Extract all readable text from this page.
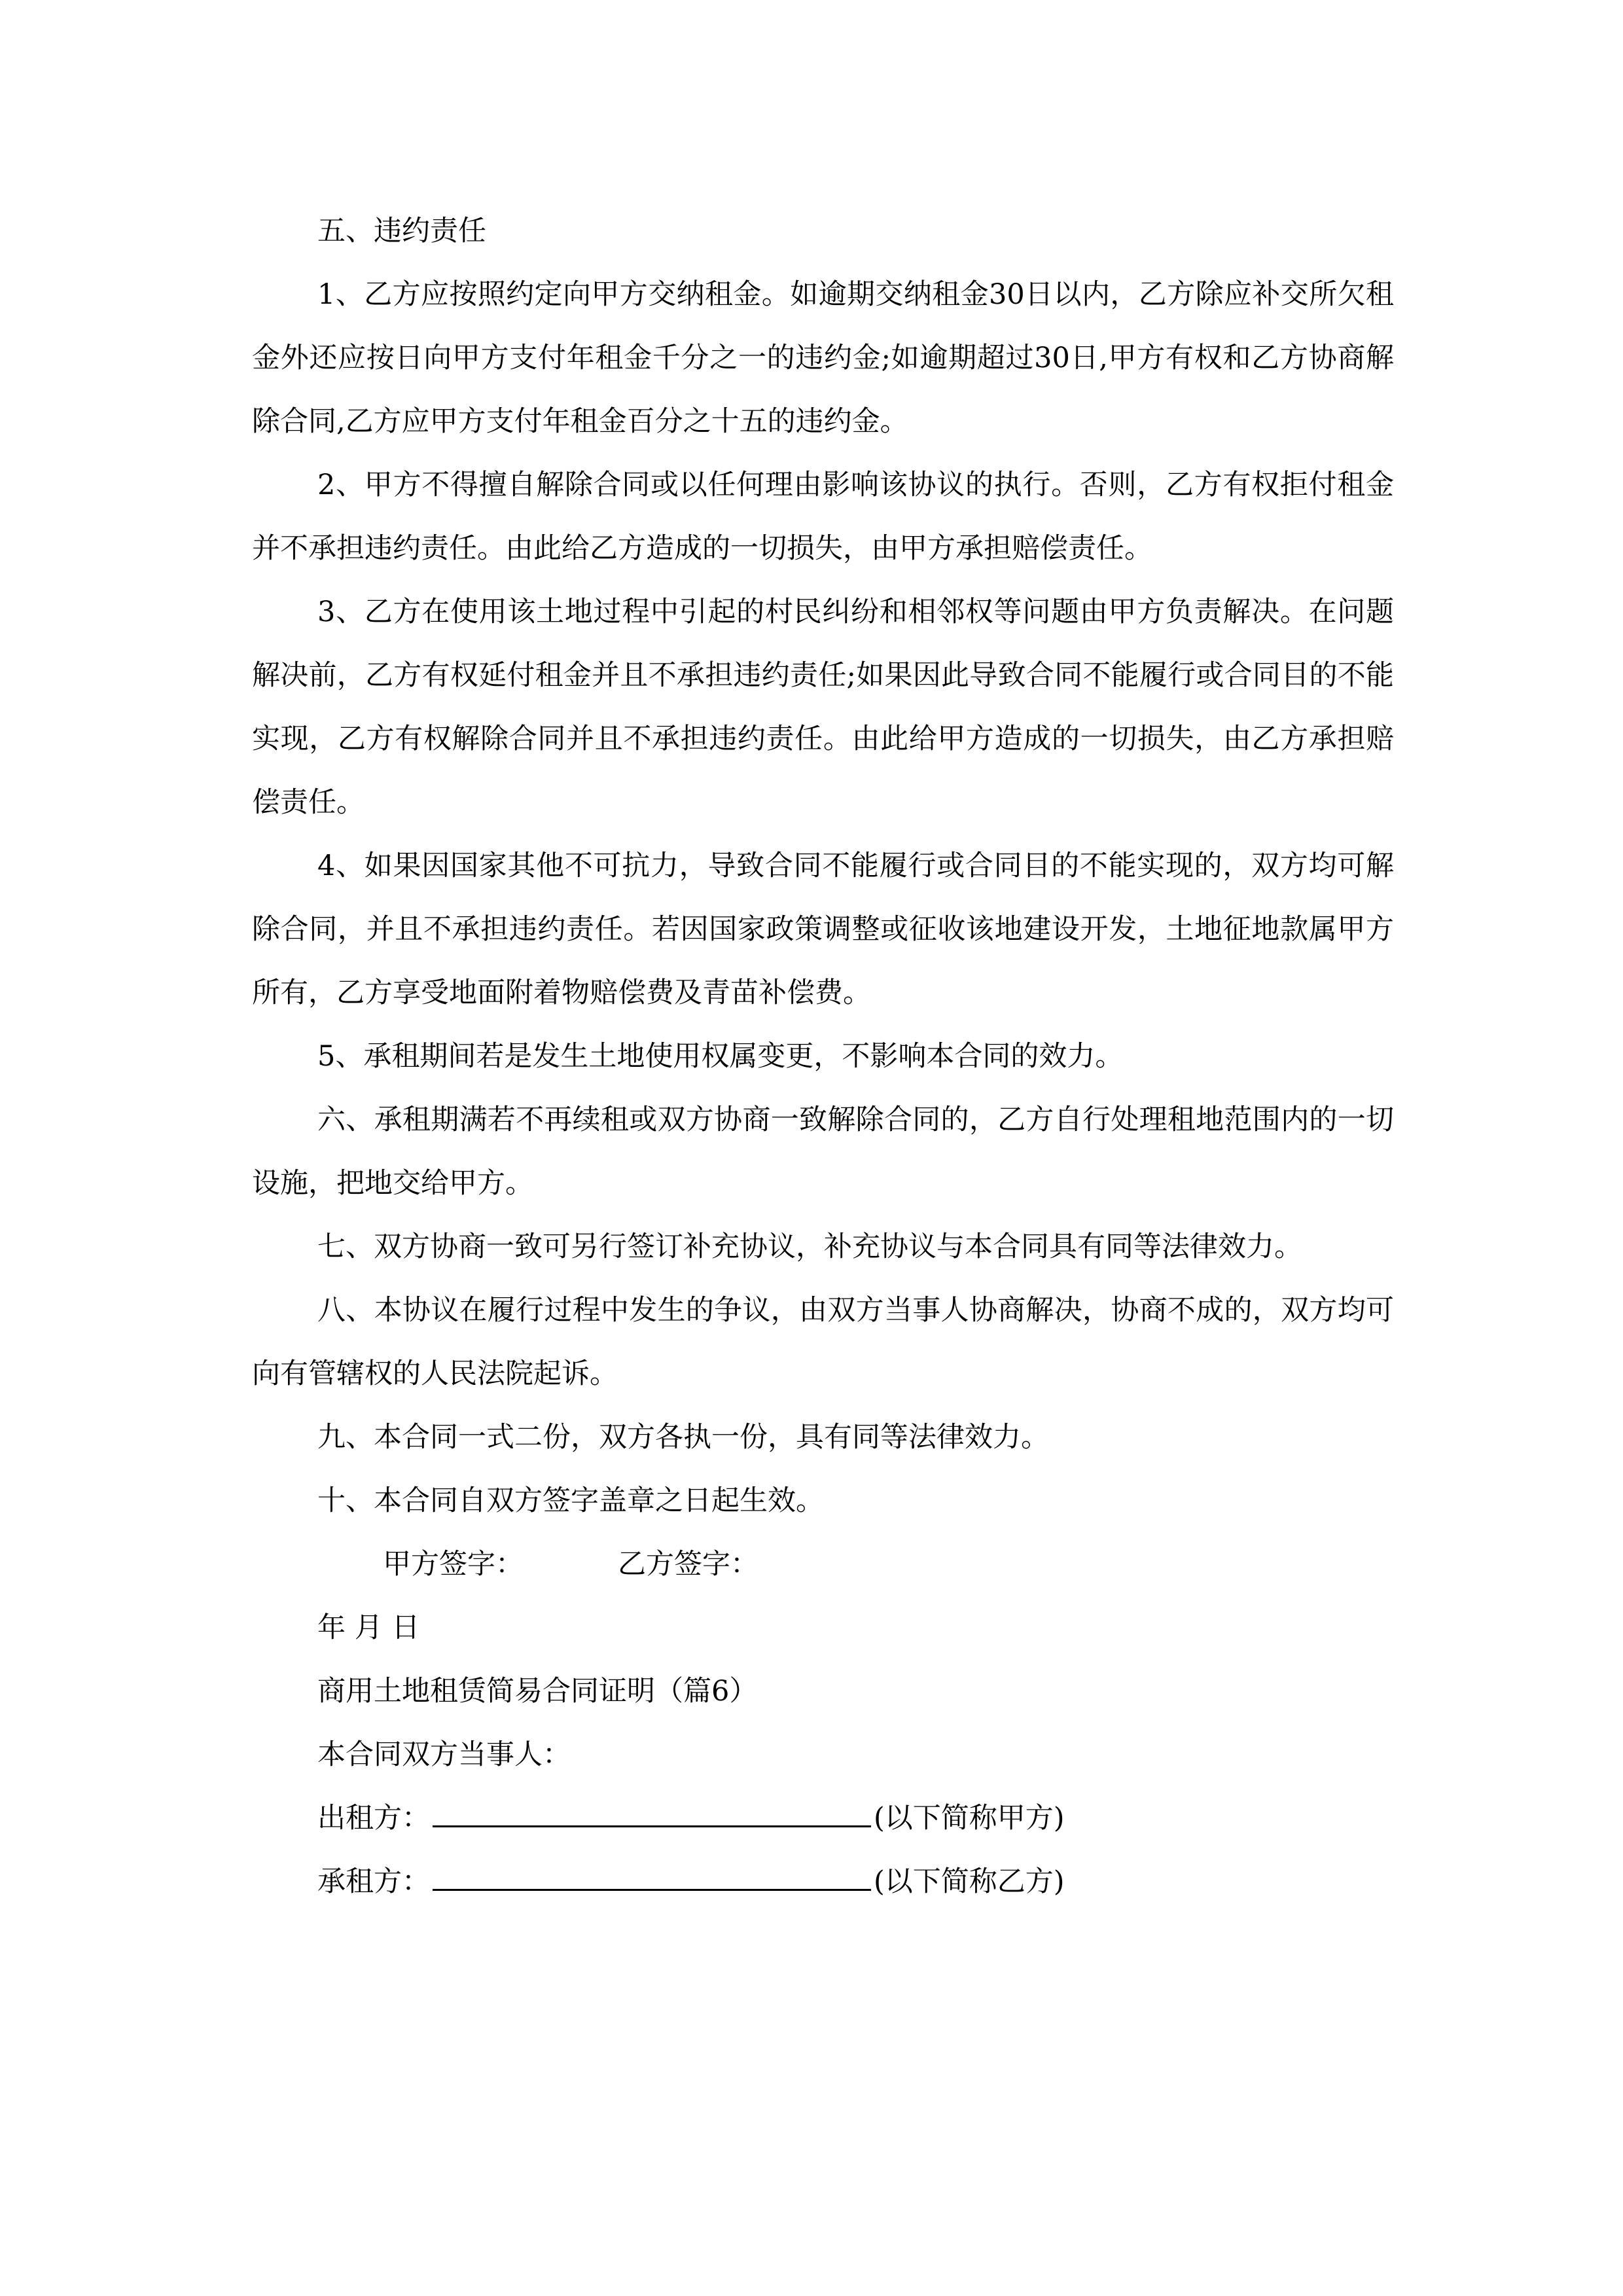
五、违约责任

1、乙方应按照约定向甲方交纳租金。如逾期交纳租金30日以内，乙方除应补交所欠租金外还应按日向甲方支付年租金千分之一的违约金;如逾期超过30日,甲方有权和乙方协商解除合同,乙方应甲方支付年租金百分之十五的违约金。

2、甲方不得擅自解除合同或以任何理由影响该协议的执行。否则，乙方有权拒付租金并不承担违约责任。由此给乙方造成的一切损失，由甲方承担赔偿责任。

3、乙方在使用该土地过程中引起的村民纠纷和相邻权等问题由甲方负责解决。在问题解决前，乙方有权延付租金并且不承担违约责任;如果因此导致合同不能履行或合同目的不能实现，乙方有权解除合同并且不承担违约责任。由此给甲方造成的一切损失，由乙方承担赔偿责任。

4、如果因国家其他不可抗力，导致合同不能履行或合同目的不能实现的，双方均可解除合同，并且不承担违约责任。若因国家政策调整或征收该地建设开发，土地征地款属甲方所有，乙方享受地面附着物赔偿费及青苗补偿费。

5、承租期间若是发生土地使用权属变更，不影响本合同的效力。

六、承租期满若不再续租或双方协商一致解除合同的，乙方自行处理租地范围内的一切设施，把地交给甲方。

七、双方协商一致可另行签订补充协议，补充协议与本合同具有同等法律效力。

八、本协议在履行过程中发生的争议，由双方当事人协商解决，协商不成的，双方均可向有管辖权的人民法院起诉。

九、本合同一式二份，双方各执一份，具有同等法律效力。

十、本合同自双方签字盖章之日起生效。

甲方签字：	乙方签字：

年 月 日

商用土地租赁简易合同证明（篇6）

本合同双方当事人：

出租方：	(以下简称甲方)

承租方：	(以下简称乙方)
